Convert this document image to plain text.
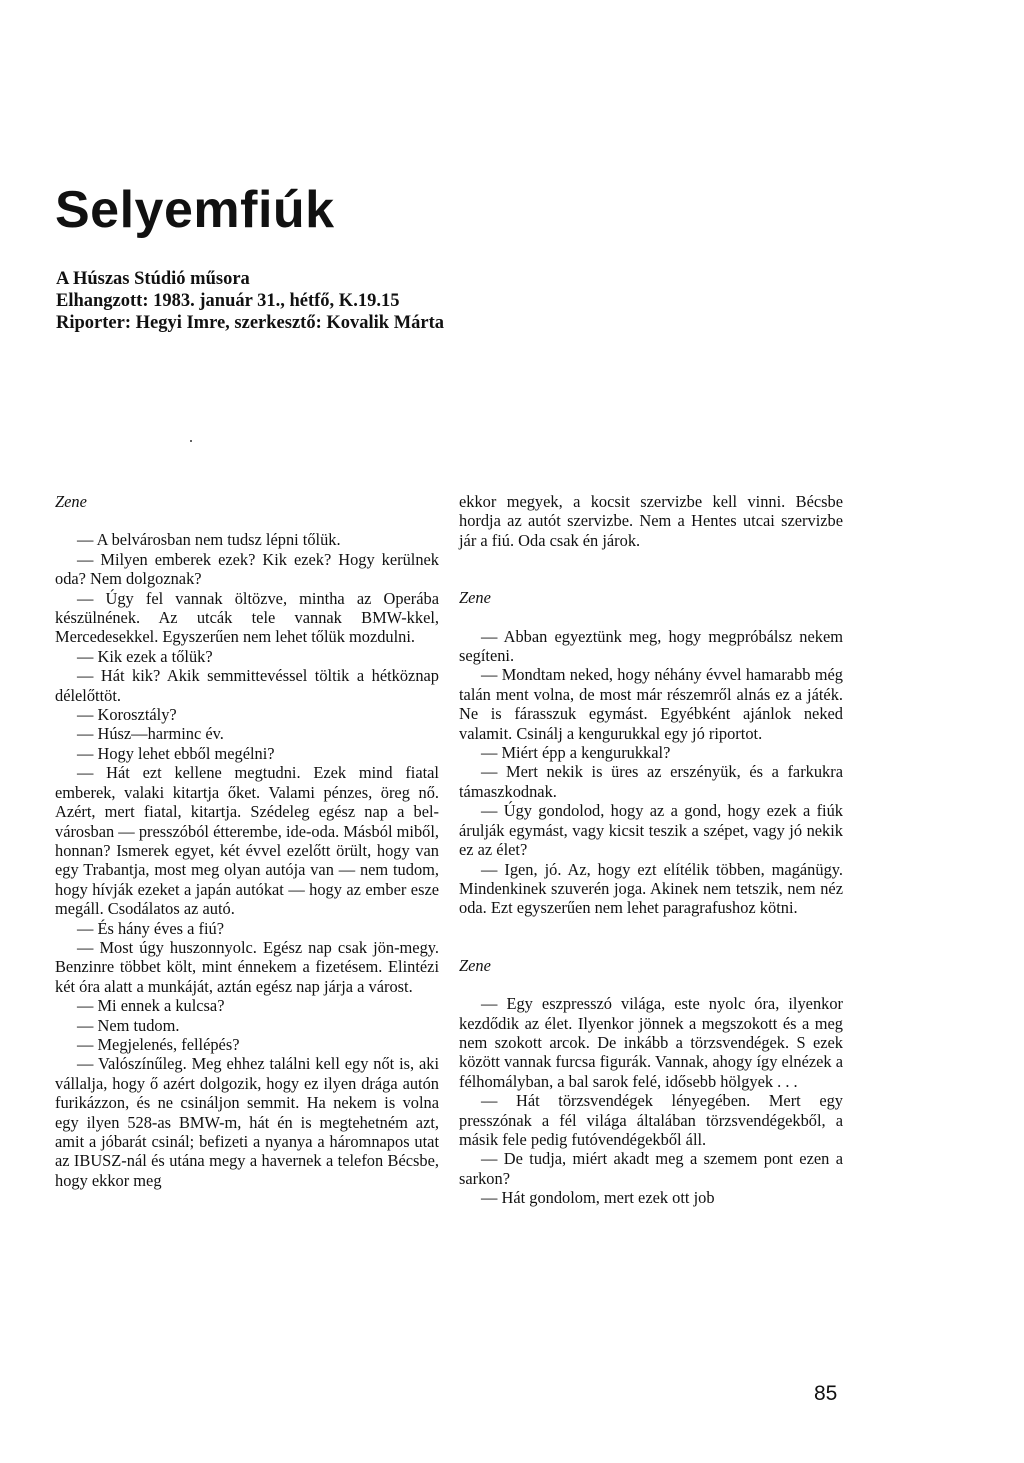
Selyemfiúk
A Húszas Stúdió műsora
Elhangzott: 1983. január 31., hétfő, K.19.15
Riporter: Hegyi Imre, szerkesztő: Kovalik Márta

Zene

— A belvárosban nem tudsz lépni tőlük.

— Milyen emberek ezek? Kik ezek? Hogy kerülnek oda? Nem dolgoznak?

— Úgy fel vannak öltözve, mintha az Operába készülnének. Az utcák tele vannak BMW-kkel, Mercedesekkel. Egyszerűen nem lehet tőlük mozdulni.

— Kik ezek a tőlük?

— Hát kik? Akik semmittevéssel töltik a hétköznap délelőttöt.

— Korosztály?

— Húsz—harminc év.

— Hogy lehet ebből megélni?

— Hát ezt kellene megtudni. Ezek mind fiatal emberek, valaki kitartja őket. Valami pénzes, öreg nő. Azért, mert fiatal, kitartja. Szédeleg egész nap a belvárosban — presszóból étterembe, ide-oda. Másból miből, honnan? Ismerek egyet, két évvel ezelőtt örült, hogy van egy Trabantja, most meg olyan autója van — nem tudom, hogy hívják ezeket a japán autókat — hogy az ember esze megáll. Csodálatos az autó.

— És hány éves a fiú?

— Most úgy huszonnyolc. Egész nap csak jön-megy. Benzinre többet költ, mint énnekem a fizetésem. Elintézi két óra alatt a munkáját, aztán egész nap járja a várost.

— Mi ennek a kulcsa?

— Nem tudom.

— Megjelenés, fellépés?

— Valószínűleg. Meg ehhez találni kell egy nőt is, aki vállalja, hogy ő azért dolgozik, hogy ez ilyen drága autón furikázzon, és ne csináljon semmit. Ha nekem is volna egy ilyen 528-as BMW-m, hát én is megtehetném azt, amit a jóbarát csinál; befizeti a nyanya a háromnapos utat az IBUSZ-nál és utána megy a havernek a telefon Bécsbe, hogy ekkor meg

ekkor megyek, a kocsit szervizbe kell vinni. Bécsbe hordja az autót szervizbe. Nem a Hentes utcai szervizbe jár a fiú. Oda csak én járok.

Zene

— Abban egyeztünk meg, hogy megpróbálsz nekem segíteni.

— Mondtam neked, hogy néhány évvel hamarabb még talán ment volna, de most már részemről alnás ez a játék. Ne is fárasszuk egymást. Egyébként ajánlok neked valamit. Csinálj a kengurukkal egy jó riportot.

— Miért épp a kengurukkal?

— Mert nekik is üres az erszényük, és a farkukra támaszkodnak.

— Úgy gondolod, hogy az a gond, hogy ezek a fiúk árulják egymást, vagy kicsit teszik a szépet, vagy jó nekik ez az élet?

— Igen, jó. Az, hogy ezt elítélik többen, magánügy. Mindenkinek szuverén joga. Akinek nem tetszik, nem néz oda. Ezt egyszerűen nem lehet paragrafushoz kötni.

Zene

— Egy eszpresszó világa, este nyolc óra, ilyenkor kezdődik az élet. Ilyenkor jönnek a megszokott és a meg nem szokott arcok. De inkább a törzsvendégek. S ezek között vannak furcsa figurák. Vannak, ahogy így elnézek a félhomályban, a bal sarok felé, idősebb hölgyek . . .

— Hát törzsvendégek lényegében. Mert egy presszónak a fél világa általában törzsvendégekből, a másik fele pedig futóvendégekből áll.

— De tudja, miért akadt meg a szemem pont ezen a sarkon?

— Hát gondolom, mert ezek ott job

85
